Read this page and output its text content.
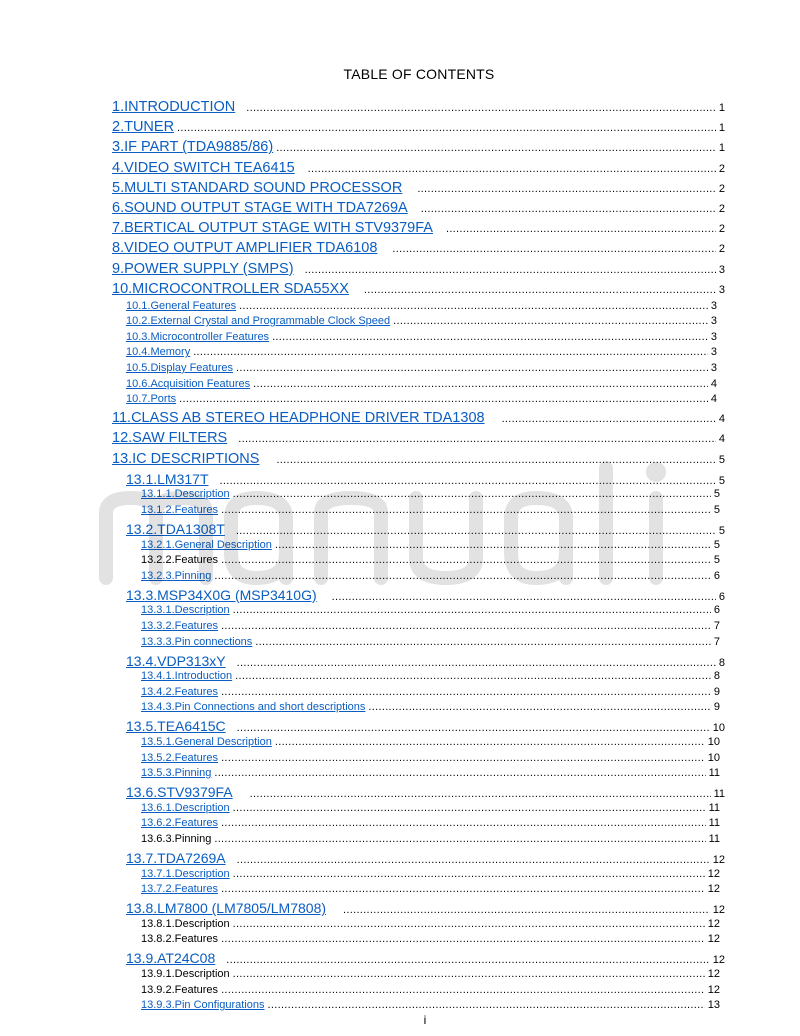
TABLE OF CONTENTS
1.INTRODUCTION .....	1
2.TUNER .....	1
3.IF PART (TDA9885/86) .....	1
4.VIDEO SWITCH TEA6415 .....	2
5.MULTI STANDARD SOUND PROCESSOR .....	2
6.SOUND OUTPUT STAGE WITH TDA7269A .....	2
7.BERTICAL OUTPUT STAGE WITH STV9379FA .....	2
8.VIDEO OUTPUT AMPLIFIER TDA6108 .....	2
9.POWER SUPPLY (SMPS) .....	3
10.MICROCONTROLLER SDA55XX .....	3
10.1.General Features .....	3
10.2.External Crystal and Programmable Clock Speed .....	3
10.3.Microcontroller Features .....	3
10.4.Memory .....	3
10.5.Display Features .....	3
10.6.Acquisition Features .....	4
10.7.Ports .....	4
11.CLASS AB STEREO HEADPHONE DRIVER TDA1308 .....	4
12.SAW FILTERS .....	4
13.IC DESCRIPTIONS .....	5
13.1.LM317T .....	5
13.1.1.Description .....	5
13.1.2.Features .....	5
13.2.TDA1308T .....	5
13.2.1.General Description .....	5
13.2.2.Features .....	5
13.2.3.Pinning .....	6
13.3.MSP34X0G (MSP3410G) .....	6
13.3.1.Description .....	6
13.3.2.Features .....	7
13.3.3.Pin connections .....	7
13.4.VDP313xY .....	8
13.4.1.Introduction .....	8
13.4.2.Features .....	9
13.4.3.Pin Connections and short descriptions .....	9
13.5.TEA6415C .....	10
13.5.1.General Description .....	10
13.5.2.Features .....	10
13.5.3.Pinning .....	11
13.6.STV9379FA .....	11
13.6.1.Description .....	11
13.6.2.Features .....	11
13.6.3.Pinning .....	11
13.7.TDA7269A .....	12
13.7.1.Description .....	12
13.7.2.Features .....	12
13.8.LM7800 (LM7805/LM7808) .....	12
13.8.1.Description .....	12
13.8.2.Features .....	12
13.9.AT24C08 .....	12
13.9.1.Description .....	12
13.9.2.Features .....	12
13.9.3.Pin Configurations .....	13
i
